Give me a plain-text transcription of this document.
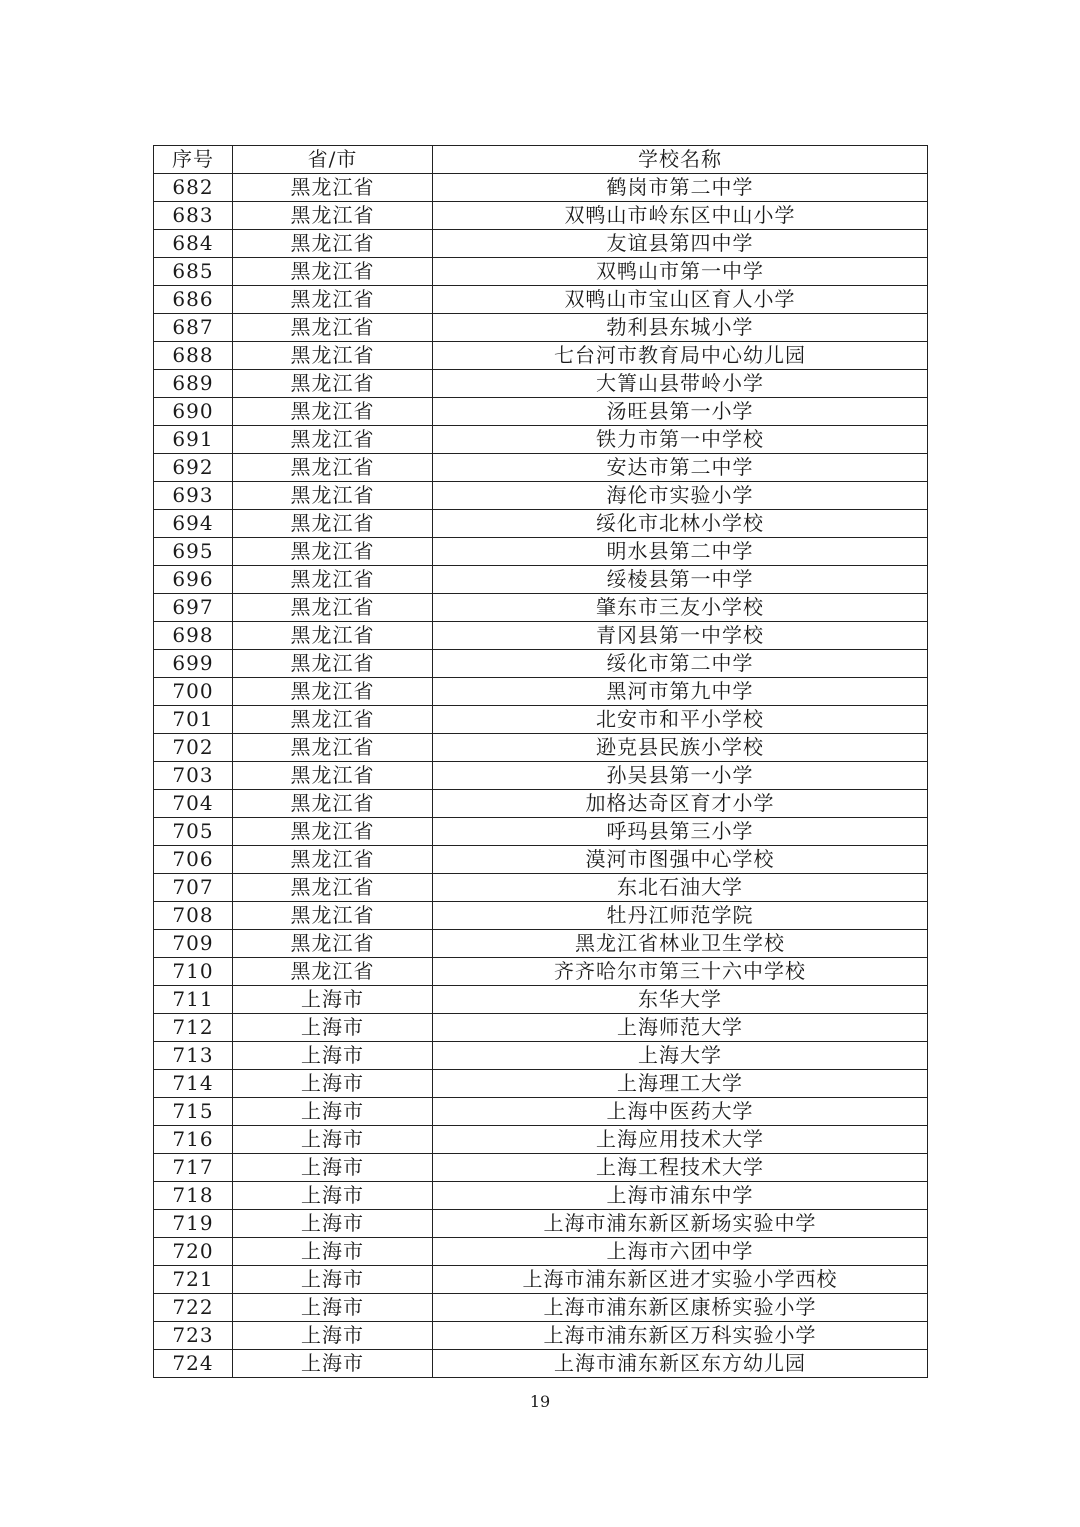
序号	省/市	学校名称
682	黑龙江省	鹤岗市第二中学
683	黑龙江省	双鸭山市岭东区中山小学
684	黑龙江省	友谊县第四中学
685	黑龙江省	双鸭山市第一中学
686	黑龙江省	双鸭山市宝山区育人小学
687	黑龙江省	勃利县东城小学
688	黑龙江省	七台河市教育局中心幼儿园
689	黑龙江省	大箐山县带岭小学
690	黑龙江省	汤旺县第一小学
691	黑龙江省	铁力市第一中学校
692	黑龙江省	安达市第二中学
693	黑龙江省	海伦市实验小学
694	黑龙江省	绥化市北林小学校
695	黑龙江省	明水县第二中学
696	黑龙江省	绥棱县第一中学
697	黑龙江省	肇东市三友小学校
698	黑龙江省	青冈县第一中学校
699	黑龙江省	绥化市第二中学
700	黑龙江省	黑河市第九中学
701	黑龙江省	北安市和平小学校
702	黑龙江省	逊克县民族小学校
703	黑龙江省	孙吴县第一小学
704	黑龙江省	加格达奇区育才小学
705	黑龙江省	呼玛县第三小学
706	黑龙江省	漠河市图强中心学校
707	黑龙江省	东北石油大学
708	黑龙江省	牡丹江师范学院
709	黑龙江省	黑龙江省林业卫生学校
710	黑龙江省	齐齐哈尔市第三十六中学校
711	上海市	东华大学
712	上海市	上海师范大学
713	上海市	上海大学
714	上海市	上海理工大学
715	上海市	上海中医药大学
716	上海市	上海应用技术大学
717	上海市	上海工程技术大学
718	上海市	上海市浦东中学
719	上海市	上海市浦东新区新场实验中学
720	上海市	上海市六团中学
721	上海市	上海市浦东新区进才实验小学西校
722	上海市	上海市浦东新区康桥实验小学
723	上海市	上海市浦东新区万科实验小学
724	上海市	上海市浦东新区东方幼儿园
19
